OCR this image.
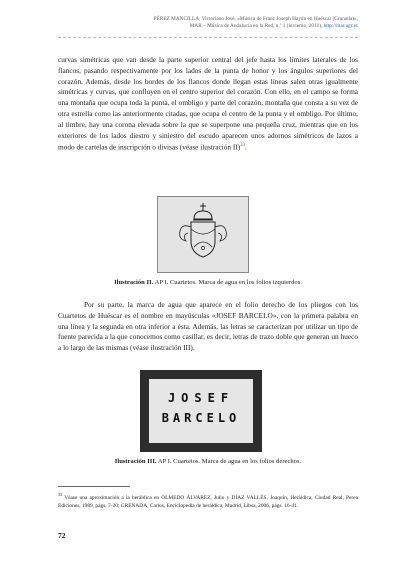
PÉREZ MANCILLA, Victoriano José, «Música de Franz Joseph Haydn en Huéscar (Granada)»,
MAR – Música de Andalucía en la Red, n.º 1 (invierno, 2011), http://mar.ugr.es

curvas simétricas que van desde la parte superior central del jefe hasta los límites laterales de los flancos, pasando respectivamente por los lados de la punta de honor y los ángulos superiores del corazón. Además, desde los bordes de los flancos donde llegan estas líneas salen otras igualmente simétricas y curvas, que confluyen en el centro superior del corazón. Con ello, en el campo se forma una montaña que ocupa toda la punta, el ombligo y parte del corazón, montaña que consta a su vez de otra estrella como las anteriormente citadas, que ocupa el centro de la punta y el ombligo. Por último, al timbre, hay una corona elevada sobre la que se superpone una pequeña cruz, mientras que en los exteriores de los lados diestro y siniestro del escudo aparecen unos adornos simétricos de lazos a modo de cartelas de inscripción o divisas (véase ilustración II)$^{33}$.

Ilustración II. AP I. Cuartetos. Marca de agua en los folios izquierdos.

Por su parte, la marca de agua que aparece en el folio derecho de los pliegos con los Cuartetos de Huéscar es el nombre en mayúsculas «JOSEF BARCELO», con la primera palabra en una línea y la segunda en otra inferior a ésta. Además, las letras se caracterizan por utilizar un tipo de fuente parecida a la que conocemos como casillar, es decir, letras de trazo doble que generan un hueco a lo largo de las mismas (véase ilustración III).

JOSEF
BARCELO

Ilustración III. AP I. Cuartetos. Marca de agua en los folios derechos.

$^{33}$Véase una aproximación a la heráldica en OLMEDO ÁLVAREZ, Julio y DÍAZ VALLÉS, Joaquín, Heráldica, Ciudad Real, Perea Ediciones, 1989, págs. 7-20; GRENADA, Carlos, Enciclopedia de heráldica, Madrid, Libsa, 2006, págs. 16-41.

72
